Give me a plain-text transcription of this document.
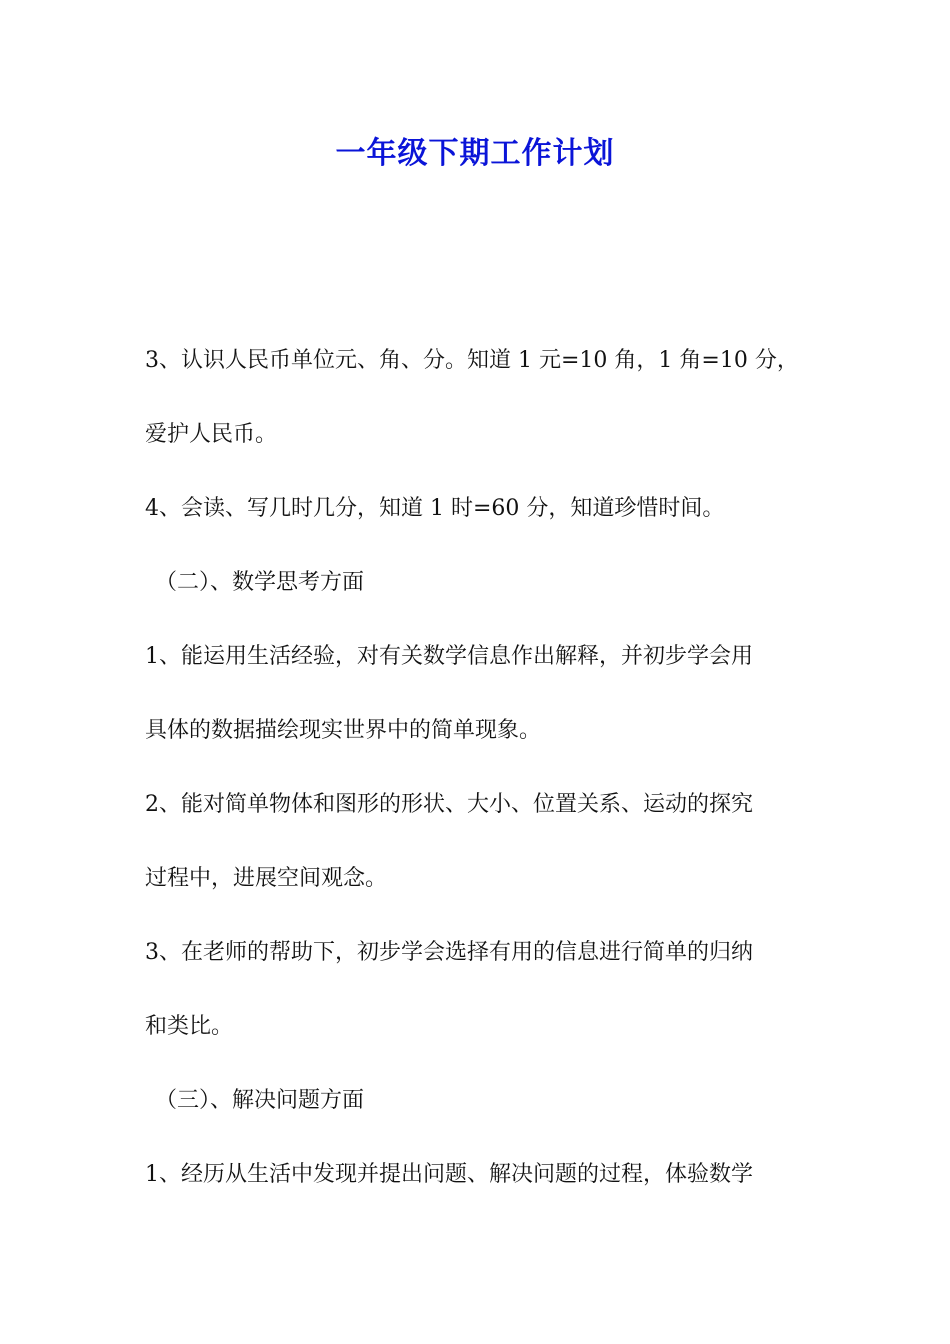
一年级下期工作计划
3、认识人民币单位元、角、分。知道 1 元=10 角，1 角=10 分，
爱护人民币。
4、会读、写几时几分，知道 1 时=60 分，知道珍惜时间。
（二）、数学思考方面
1、能运用生活经验，对有关数学信息作出解释，并初步学会用
具体的数据描绘现实世界中的简单现象。
2、能对简单物体和图形的形状、大小、位置关系、运动的探究
过程中，进展空间观念。
3、在老师的帮助下，初步学会选择有用的信息进行简单的归纳
和类比。
（三）、解决问题方面
1、经历从生活中发现并提出问题、解决问题的过程，体验数学
